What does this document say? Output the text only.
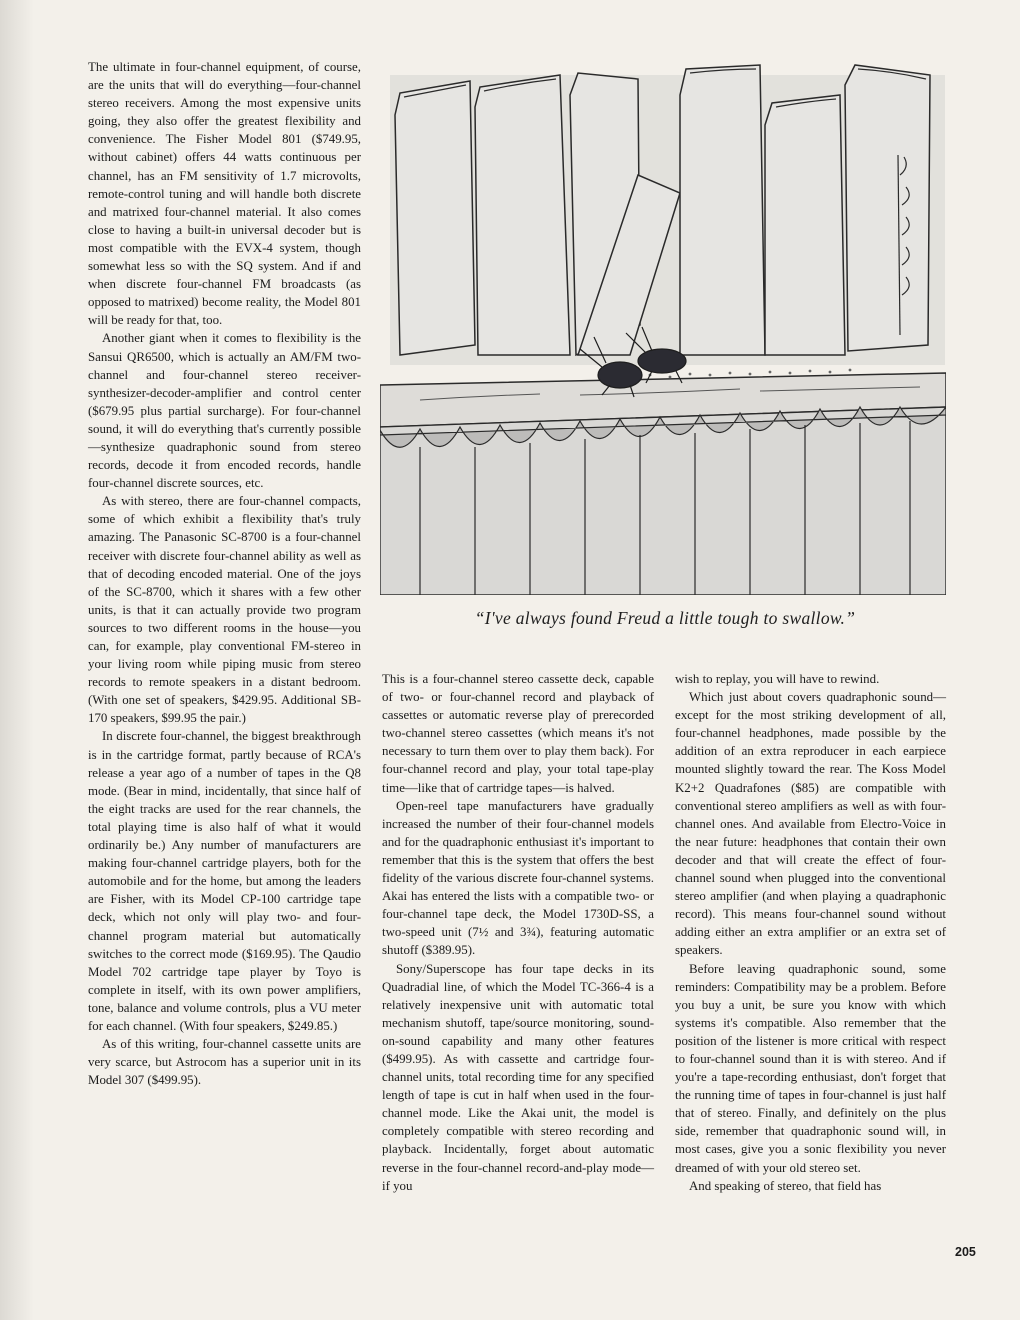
The ultimate in four-channel equipment, of course, are the units that will do everything—four-channel stereo receivers. Among the most expensive units going, they also offer the greatest flexibility and convenience. The Fisher Model 801 ($749.95, without cabinet) offers 44 watts continuous per channel, has an FM sensitivity of 1.7 microvolts, remote-control tuning and will handle both discrete and matrixed four-channel material. It also comes close to having a built-in universal decoder but is most compatible with the EVX-4 system, though somewhat less so with the SQ system. And if and when discrete four-channel FM broadcasts (as opposed to matrixed) become reality, the Model 801 will be ready for that, too.

Another giant when it comes to flexibility is the Sansui QR6500, which is actually an AM/FM two-channel and four-channel stereo receiver-synthesizer-decoder-amplifier and control center ($679.95 plus partial surcharge). For four-channel sound, it will do everything that's currently possible—synthesize quadraphonic sound from stereo records, decode it from encoded records, handle four-channel discrete sources, etc.

As with stereo, there are four-channel compacts, some of which exhibit a flexibility that's truly amazing. The Panasonic SC-8700 is a four-channel receiver with discrete four-channel ability as well as that of decoding encoded material. One of the joys of the SC-8700, which it shares with a few other units, is that it can actually provide two program sources to two different rooms in the house—you can, for example, play conventional FM-stereo in your living room while piping music from stereo records to remote speakers in a distant bedroom. (With one set of speakers, $429.95. Additional SB-170 speakers, $99.95 the pair.)

In discrete four-channel, the biggest breakthrough is in the cartridge format, partly because of RCA's release a year ago of a number of tapes in the Q8 mode. (Bear in mind, incidentally, that since half of the eight tracks are used for the rear channels, the total playing time is also half of what it would ordinarily be.) Any number of manufacturers are making four-channel cartridge players, both for the automobile and for the home, but among the leaders are Fisher, with its Model CP-100 cartridge tape deck, which not only will play two- and four-channel program material but automatically switches to the correct mode ($169.95). The Qaudio Model 702 cartridge tape player by Toyo is complete in itself, with its own power amplifiers, tone, balance and volume controls, plus a VU meter for each channel. (With four speakers, $249.85.)

As of this writing, four-channel cassette units are very scarce, but Astrocom has a superior unit in its Model 307 ($499.95).

“I've always found Freud a little tough to swallow.”

This is a four-channel stereo cassette deck, capable of two- or four-channel record and playback of cassettes or automatic reverse play of prerecorded two-channel stereo cassettes (which means it's not necessary to turn them over to play them back). For four-channel record and play, your total tape-play time—like that of cartridge tapes—is halved.

Open-reel tape manufacturers have gradually increased the number of their four-channel models and for the quadraphonic enthusiast it's important to remember that this is the system that offers the best fidelity of the various discrete four-channel systems. Akai has entered the lists with a compatible two- or four-channel tape deck, the Model 1730D-SS, a two-speed unit (7½ and 3¾), featuring automatic shutoff ($389.95).

Sony/Superscope has four tape decks in its Quadradial line, of which the Model TC-366-4 is a relatively inexpensive unit with automatic total mechanism shutoff, tape/source monitoring, sound-on-sound capability and many other features ($499.95). As with cassette and cartridge four-channel units, total recording time for any specified length of tape is cut in half when used in the four-channel mode. Like the Akai unit, the model is completely compatible with stereo recording and playback. Incidentally, forget about automatic reverse in the four-channel record-and-play mode—if you

wish to replay, you will have to rewind.

Which just about covers quadraphonic sound—except for the most striking development of all, four-channel headphones, made possible by the addition of an extra reproducer in each earpiece mounted slightly toward the rear. The Koss Model K2+2 Quadrafones ($85) are compatible with conventional stereo amplifiers as well as with four-channel ones. And available from Electro-Voice in the near future: headphones that contain their own decoder and that will create the effect of four-channel sound when plugged into the conventional stereo amplifier (and when playing a quadraphonic record). This means four-channel sound without adding either an extra amplifier or an extra set of speakers.

Before leaving quadraphonic sound, some reminders: Compatibility may be a problem. Before you buy a unit, be sure you know with which systems it's compatible. Also remember that the position of the listener is more critical with respect to four-channel sound than it is with stereo. And if you're a tape-recording enthusiast, don't forget that the running time of tapes in four-channel is just half that of stereo. Finally, and definitely on the plus side, remember that quadraphonic sound will, in most cases, give you a sonic flexibility you never dreamed of with your old stereo set.

And speaking of stereo, that field has

205
